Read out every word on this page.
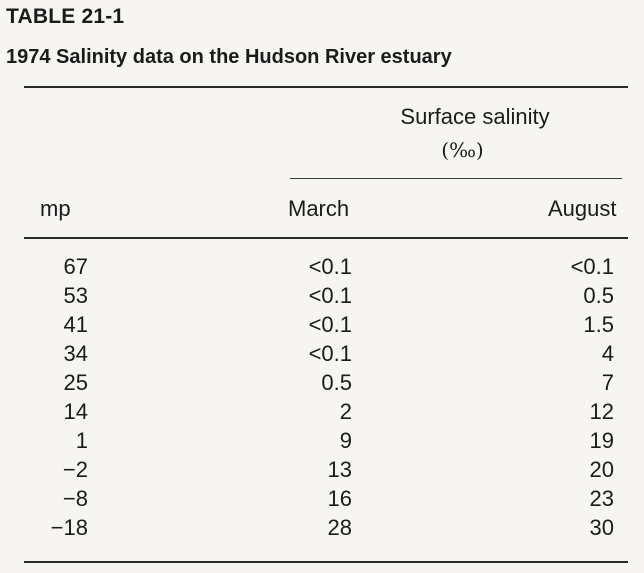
TABLE 21-1
1974 Salinity data on the Hudson River estuary
Surface salinity
(‰)
mp	March	August
67	<0.1	<0.1
53	<0.1	0.5
41	<0.1	1.5
34	<0.1	4
25	0.5	7
14	2	12
1	9	19
−2	13	20
−8	16	23
−18	28	30
